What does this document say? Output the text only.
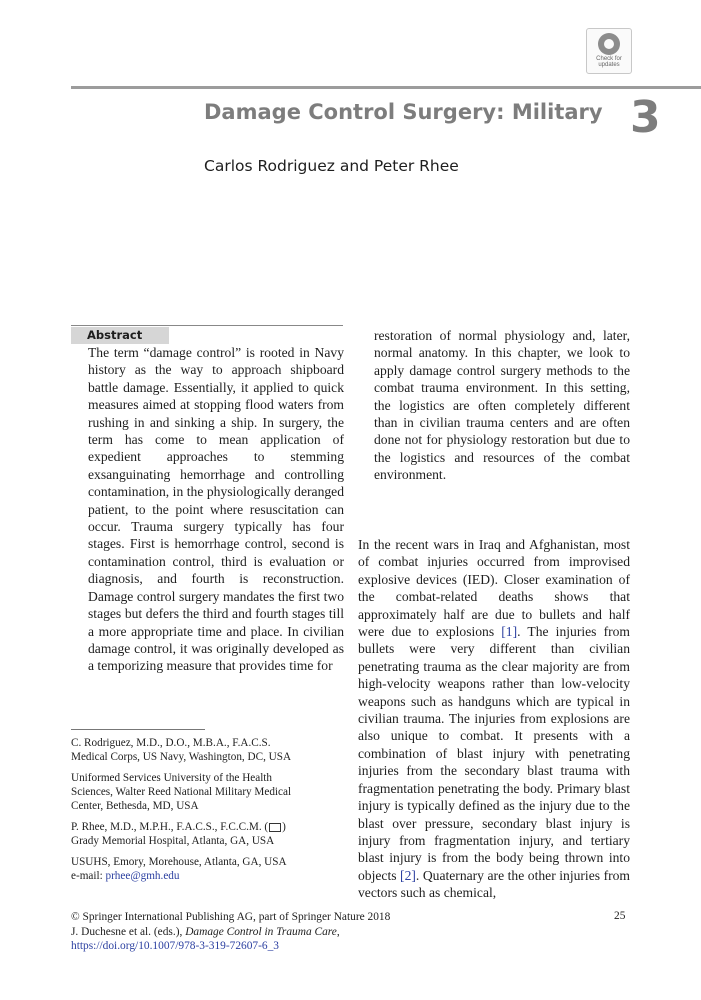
Check for
updates
Damage Control Surgery: Military 3
Carlos Rodriguez and Peter Rhee
Abstract

The term “damage control” is rooted in Navy history as the way to approach shipboard battle damage. Essentially, it applied to quick measures aimed at stopping flood waters from rushing in and sinking a ship. In surgery, the term has come to mean application of expedient approaches to stemming exsanguinating hemorrhage and controlling contamination, in the physiologically deranged patient, to the point where resuscitation can occur. Trauma surgery typically has four stages. First is hemorrhage control, second is contamination control, third is evaluation or diagnosis, and fourth is reconstruction. Damage control surgery mandates the first two stages but defers the third and fourth stages till a more appropriate time and place. In civilian damage control, it was originally developed as a temporizing measure that provides time for

restoration of normal physiology and, later, normal anatomy. In this chapter, we look to apply damage control surgery methods to the combat trauma environment. In this setting, the logistics are often completely different than in civilian trauma centers and are often done not for physiology restoration but due to the logistics and resources of the combat environment.

In the recent wars in Iraq and Afghanistan, most of combat injuries occurred from improvised explosive devices (IED). Closer examination of the combat-related deaths shows that approximately half are due to bullets and half were due to explosions [1]. The injuries from bullets were very different than civilian penetrating trauma as the clear majority are from high-velocity weapons rather than low-velocity weapons such as handguns which are typical in civilian trauma. The injuries from explosions are also unique to combat. It presents with a combination of blast injury with penetrating injuries from the secondary blast trauma with fragmentation penetrating the body. Primary blast injury is typically defined as the injury due to the blast over pressure, secondary blast injury is injury from fragmentation injury, and tertiary blast injury is from the body being thrown into objects [2]. Quaternary are the other injuries from vectors such as chemical,

C. Rodriguez, M.D., D.O., M.B.A., F.A.C.S.
Medical Corps, US Navy, Washington, DC, USA

Uniformed Services University of the Health
Sciences, Walter Reed National Military Medical
Center, Bethesda, MD, USA

P. Rhee, M.D., M.P.H., F.A.C.S., F.C.C.M. ( )
Grady Memorial Hospital, Atlanta, GA, USA

USUHS, Emory, Morehouse, Atlanta, GA, USA
e-mail: prhee@gmh.edu

© Springer International Publishing AG, part of Springer Nature 2018
J. Duchesne et al. (eds.), Damage Control in Trauma Care,
https://doi.org/10.1007/978-3-319-72607-6_3
25
